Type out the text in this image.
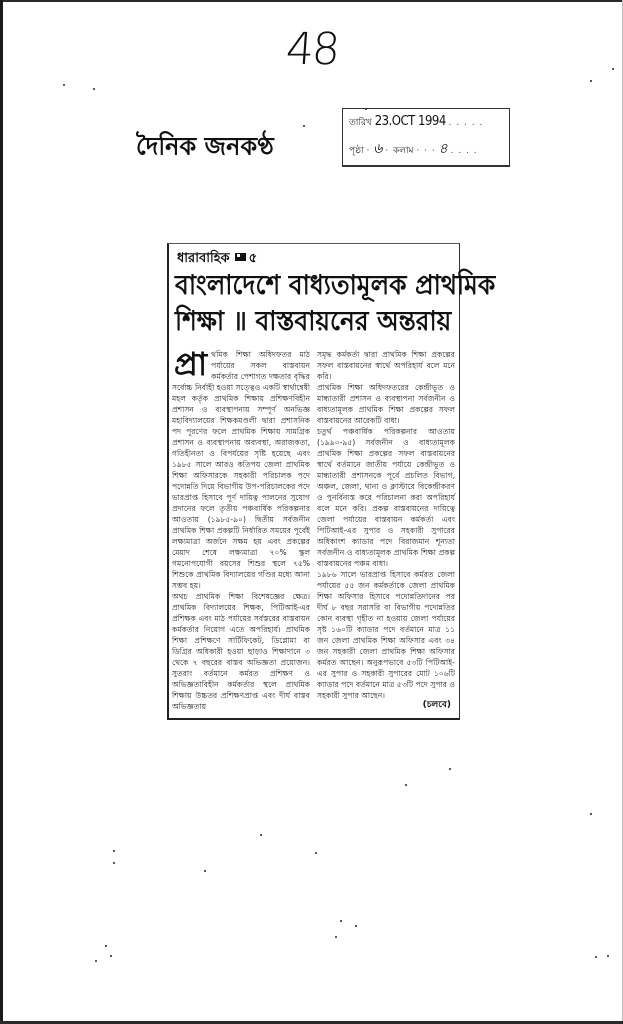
48
দৈনিক জনকণ্ঠ
তারিখ 23.OCT 1994 . . . . .
পৃষ্ঠা · ৬ · কলাম · · · ৪ . . . .
ধারাবাহিক ৫
বাংলাদেশে বাধ্যতামূলক প্রাথমিক
শিক্ষা ॥ বাস্তবায়নের অন্তরায়

প্রা থমিক শিক্ষা অধিদফতর মাঠ পর্যায়ের সকল বাস্তবায়ন কর্মকর্তার পেশাগত দক্ষতার বৃদ্ধির সর্বোচ্চ নির্বাহী হওয়া সত্ত্বেও একটি স্বার্থান্বেষী মহল কর্তৃক প্রাথমিক শিক্ষায় প্রশিক্ষণবিহীন প্রশাসন ও ব্যবস্থাপনায় সম্পূর্ণ অনভিজ্ঞ মহাবিদ্যালয়ের শিক্ষকমণ্ডলী দ্বারা প্রশাসনিক পদ পূরণের ফলে প্রাথমিক শিক্ষায় সামগ্রিক প্রশাসন ও ব্যবস্থাপনায় অব্যবস্থা, অরাজকতা, গতিহীনতা ও বিপর্যয়ের সৃষ্টি হয়েছে এবং ১৯৮৫ সালে আরও কতিপয় জেলা প্রাথমিক শিক্ষা অফিসারকে সহকারী পরিচালক পদে পদোন্নতি দিয়ে বিভাগীয় উপ-পরিচালকের পদে ভারপ্রাপ্ত হিসাবে পূর্ণ দায়িত্ব পালনের সুযোগ প্রদানের ফলে তৃতীয় পঞ্চবার্ষিক পরিকল্পনার আওতায় (১৯৮৫-৯০) দ্বিতীয় সর্বজনীন প্রাথমিক শিক্ষা প্রকল্পটি নির্ধারিত সময়ের পূর্বেই লক্ষ্যমাত্রা অর্জনে সক্ষম হয় এবং প্রকল্পের মেয়াদ শেষে লক্ষ্যমাত্রা ৭০% স্কুল গমনোপযোগী বয়সের শিশুর স্থলে ৭৫% শিশুকে প্রাথমিক বিদ্যালয়ের গণ্ডির মধ্যে আনা সম্ভব হয়।

অথচ প্রাথমিক শিক্ষা বিশেষজ্ঞের ক্ষেত্র। প্রাথমিক বিদ্যালয়ের শিক্ষক, পিটিআই-এর প্রশিক্ষক এবং মাঠ পর্যায়ের সর্বস্তরের বাস্তবায়ন কর্মকর্তার নিয়োগ এতে অপরিহার্য। প্রাথমিক শিক্ষা প্রশিক্ষণে সার্টিফিকেট, ডিপ্লোমা বা ডিগ্রির অধিকারী হওয়া ছাড়াও শিক্ষাদানে ৩ থেকে ৭ বছরের বাস্তব অভিজ্ঞতা প্রয়োজন। সুতরাং বর্তমানে কর্মরত প্রশিক্ষণ ও অভিজ্ঞতাবিহীন কর্মকর্তার স্থলে প্রাথমিক শিক্ষায় উচ্চতর প্রশিক্ষণপ্রাপ্ত এবং দীর্ঘ বাস্তব অভিজ্ঞতায়

সমৃদ্ধ কর্মকর্তা দ্বারা প্রাথমিক শিক্ষা প্রকল্পের সফল বাস্তবায়নের স্বার্থে অপরিহার্য বলে মনে করি।

প্রাথমিক শিক্ষা অধিদফতরের কেন্দ্রীভূত ও মান্ধাতারী প্রশাসন ও ব্যবস্থাপনা সর্বজনীন ও বাধ্যতামূলক প্রাথমিক শিক্ষা প্রকল্পের সফল বাস্তবায়নের আরেকটি বাধা।

চতুর্থ পঞ্চবার্ষিক পরিকল্পনার আওতায় (১৯৯০-৯৫) সর্বজনীন ও বাধ্যতামূলক প্রাথমিক শিক্ষা প্রকল্পের সফল বাস্তবায়নের স্বার্থে বর্তমানে জাতীয় পর্যায়ে কেন্দ্রীভূত ও মান্ধাতারী প্রশাসনকে পূর্বে প্রচলিত বিভাগ, অঞ্চল, জেলা, থানা ও ক্লাস্টারে বিকেন্দ্রীকরণ ও পুনর্বিন্যস্ত করে পরিচালনা করা অপরিহার্য বলে মনে করি। প্রকল্প বাস্তবায়নের দায়িত্বে জেলা পর্যায়ের বাস্তবায়ন কর্মকর্তা এবং পিটিআই-এর সুপার ও সহকারী সুপারের অধিকাংশ ক্যাডার পদে বিরাজমান শূন্যতা সর্বজনীন ও বাধ্যতামূলক প্রাথমিক শিক্ষা প্রকল্প বাস্তবায়নের পঞ্চম বাধা।

১৯৮৬ সালে ভারপ্রাপ্ত হিসাবে কর্মরত জেলা পর্যায়ের ৫৫ জন কর্মকর্তাকে জেলা প্রাথমিক শিক্ষা অফিসার হিসাবে পদোন্নতিদানের পর দীর্ঘ ৮ বছর সরাসরি বা বিভাগীয় পদোন্নতির কোন ব্যবস্থা গৃহীত না হওয়ায় জেলা পর্যায়ের সৃষ্ট ১৬০টি ক্যাডার পদে বর্তমানে মাত্র ১১ জন জেলা প্রাথমিক শিক্ষা অফিসার এবং ৩৪ জন সহকারী জেলা প্রাথমিক শিক্ষা অফিসার কর্মরত আছেন। অনুরূপভাবে ৫৩টি পিটিআই-এর সুপার ও সহকারী সুপারের মোট ১০৬টি ক্যাডার পদে বর্তমানে মাত্র ৫৩টি পদে সুপার ও সহকারী সুপার আছেন।

(চলবে)
